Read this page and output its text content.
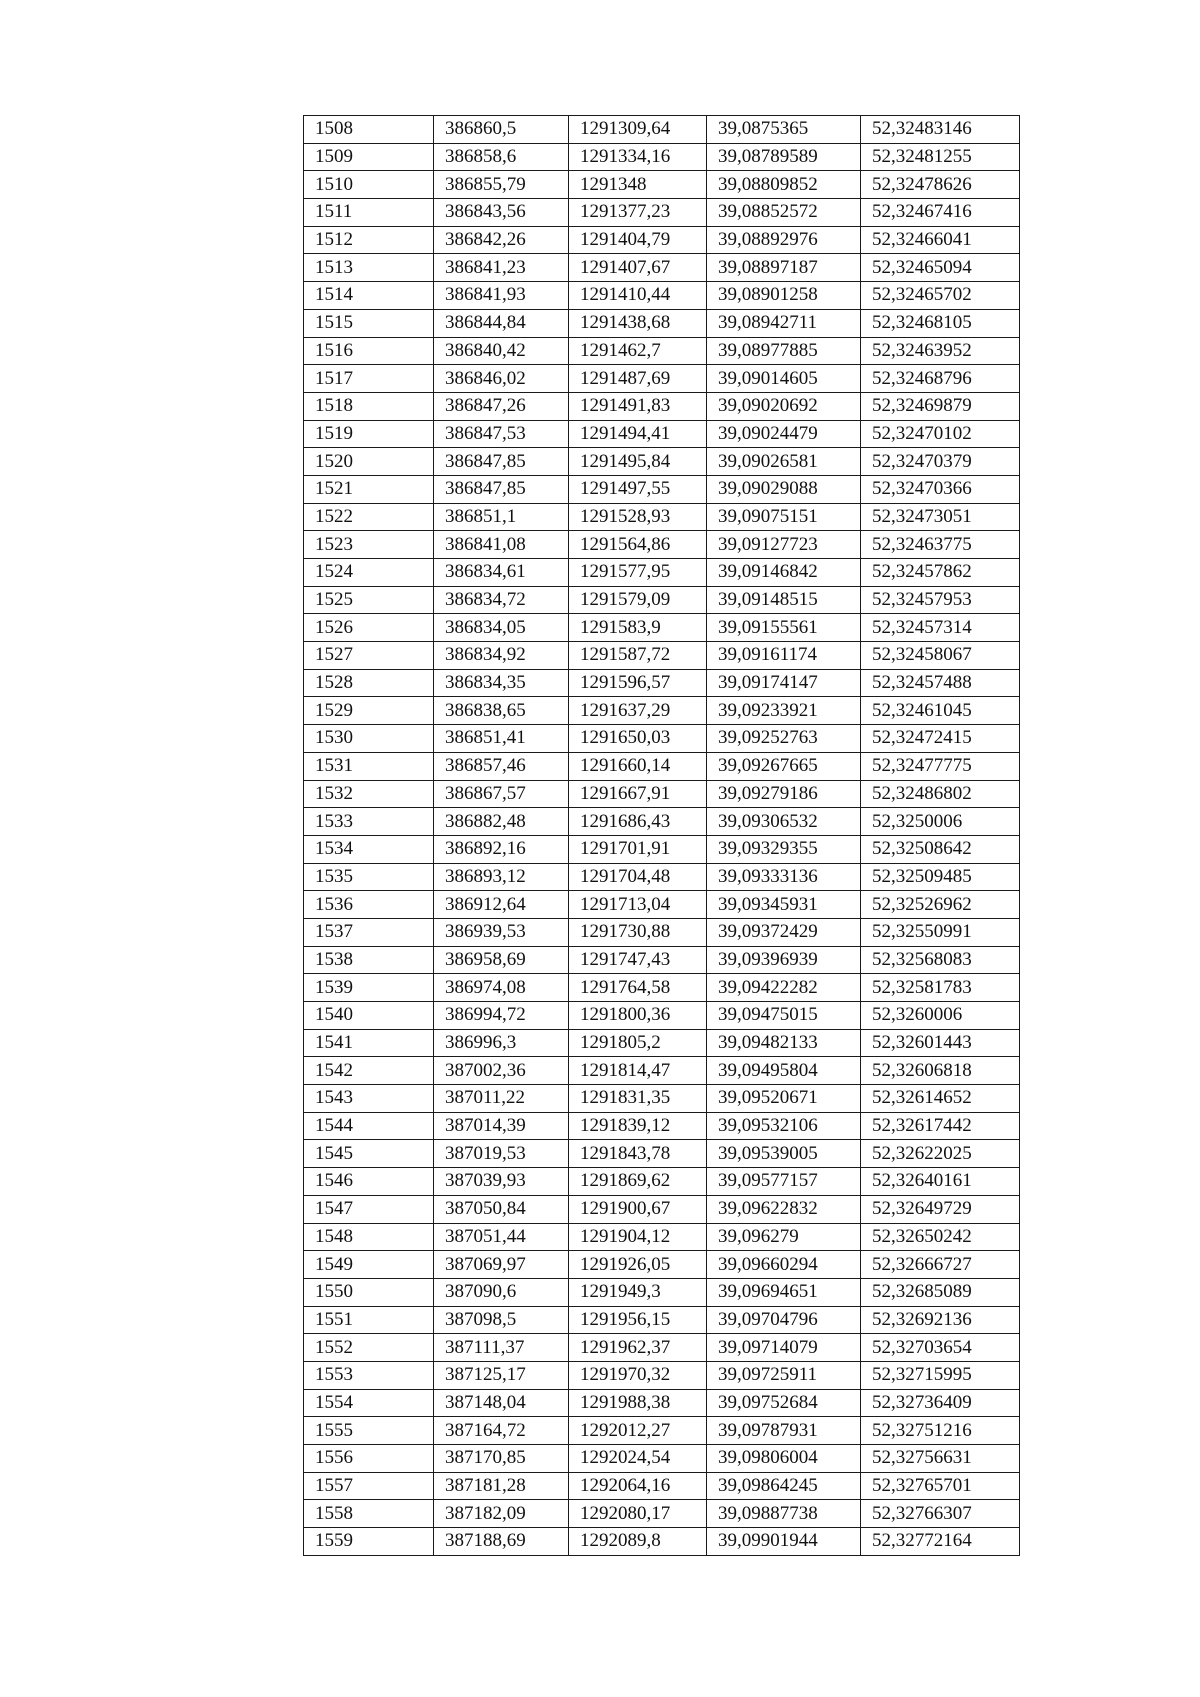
1508	386860,5	1291309,64	39,0875365	52,32483146
1509	386858,6	1291334,16	39,08789589	52,32481255
1510	386855,79	1291348	39,08809852	52,32478626
1511	386843,56	1291377,23	39,08852572	52,32467416
1512	386842,26	1291404,79	39,08892976	52,32466041
1513	386841,23	1291407,67	39,08897187	52,32465094
1514	386841,93	1291410,44	39,08901258	52,32465702
1515	386844,84	1291438,68	39,08942711	52,32468105
1516	386840,42	1291462,7	39,08977885	52,32463952
1517	386846,02	1291487,69	39,09014605	52,32468796
1518	386847,26	1291491,83	39,09020692	52,32469879
1519	386847,53	1291494,41	39,09024479	52,32470102
1520	386847,85	1291495,84	39,09026581	52,32470379
1521	386847,85	1291497,55	39,09029088	52,32470366
1522	386851,1	1291528,93	39,09075151	52,32473051
1523	386841,08	1291564,86	39,09127723	52,32463775
1524	386834,61	1291577,95	39,09146842	52,32457862
1525	386834,72	1291579,09	39,09148515	52,32457953
1526	386834,05	1291583,9	39,09155561	52,32457314
1527	386834,92	1291587,72	39,09161174	52,32458067
1528	386834,35	1291596,57	39,09174147	52,32457488
1529	386838,65	1291637,29	39,09233921	52,32461045
1530	386851,41	1291650,03	39,09252763	52,32472415
1531	386857,46	1291660,14	39,09267665	52,32477775
1532	386867,57	1291667,91	39,09279186	52,32486802
1533	386882,48	1291686,43	39,09306532	52,3250006
1534	386892,16	1291701,91	39,09329355	52,32508642
1535	386893,12	1291704,48	39,09333136	52,32509485
1536	386912,64	1291713,04	39,09345931	52,32526962
1537	386939,53	1291730,88	39,09372429	52,32550991
1538	386958,69	1291747,43	39,09396939	52,32568083
1539	386974,08	1291764,58	39,09422282	52,32581783
1540	386994,72	1291800,36	39,09475015	52,3260006
1541	386996,3	1291805,2	39,09482133	52,32601443
1542	387002,36	1291814,47	39,09495804	52,32606818
1543	387011,22	1291831,35	39,09520671	52,32614652
1544	387014,39	1291839,12	39,09532106	52,32617442
1545	387019,53	1291843,78	39,09539005	52,32622025
1546	387039,93	1291869,62	39,09577157	52,32640161
1547	387050,84	1291900,67	39,09622832	52,32649729
1548	387051,44	1291904,12	39,096279	52,32650242
1549	387069,97	1291926,05	39,09660294	52,32666727
1550	387090,6	1291949,3	39,09694651	52,32685089
1551	387098,5	1291956,15	39,09704796	52,32692136
1552	387111,37	1291962,37	39,09714079	52,32703654
1553	387125,17	1291970,32	39,09725911	52,32715995
1554	387148,04	1291988,38	39,09752684	52,32736409
1555	387164,72	1292012,27	39,09787931	52,32751216
1556	387170,85	1292024,54	39,09806004	52,32756631
1557	387181,28	1292064,16	39,09864245	52,32765701
1558	387182,09	1292080,17	39,09887738	52,32766307
1559	387188,69	1292089,8	39,09901944	52,32772164
